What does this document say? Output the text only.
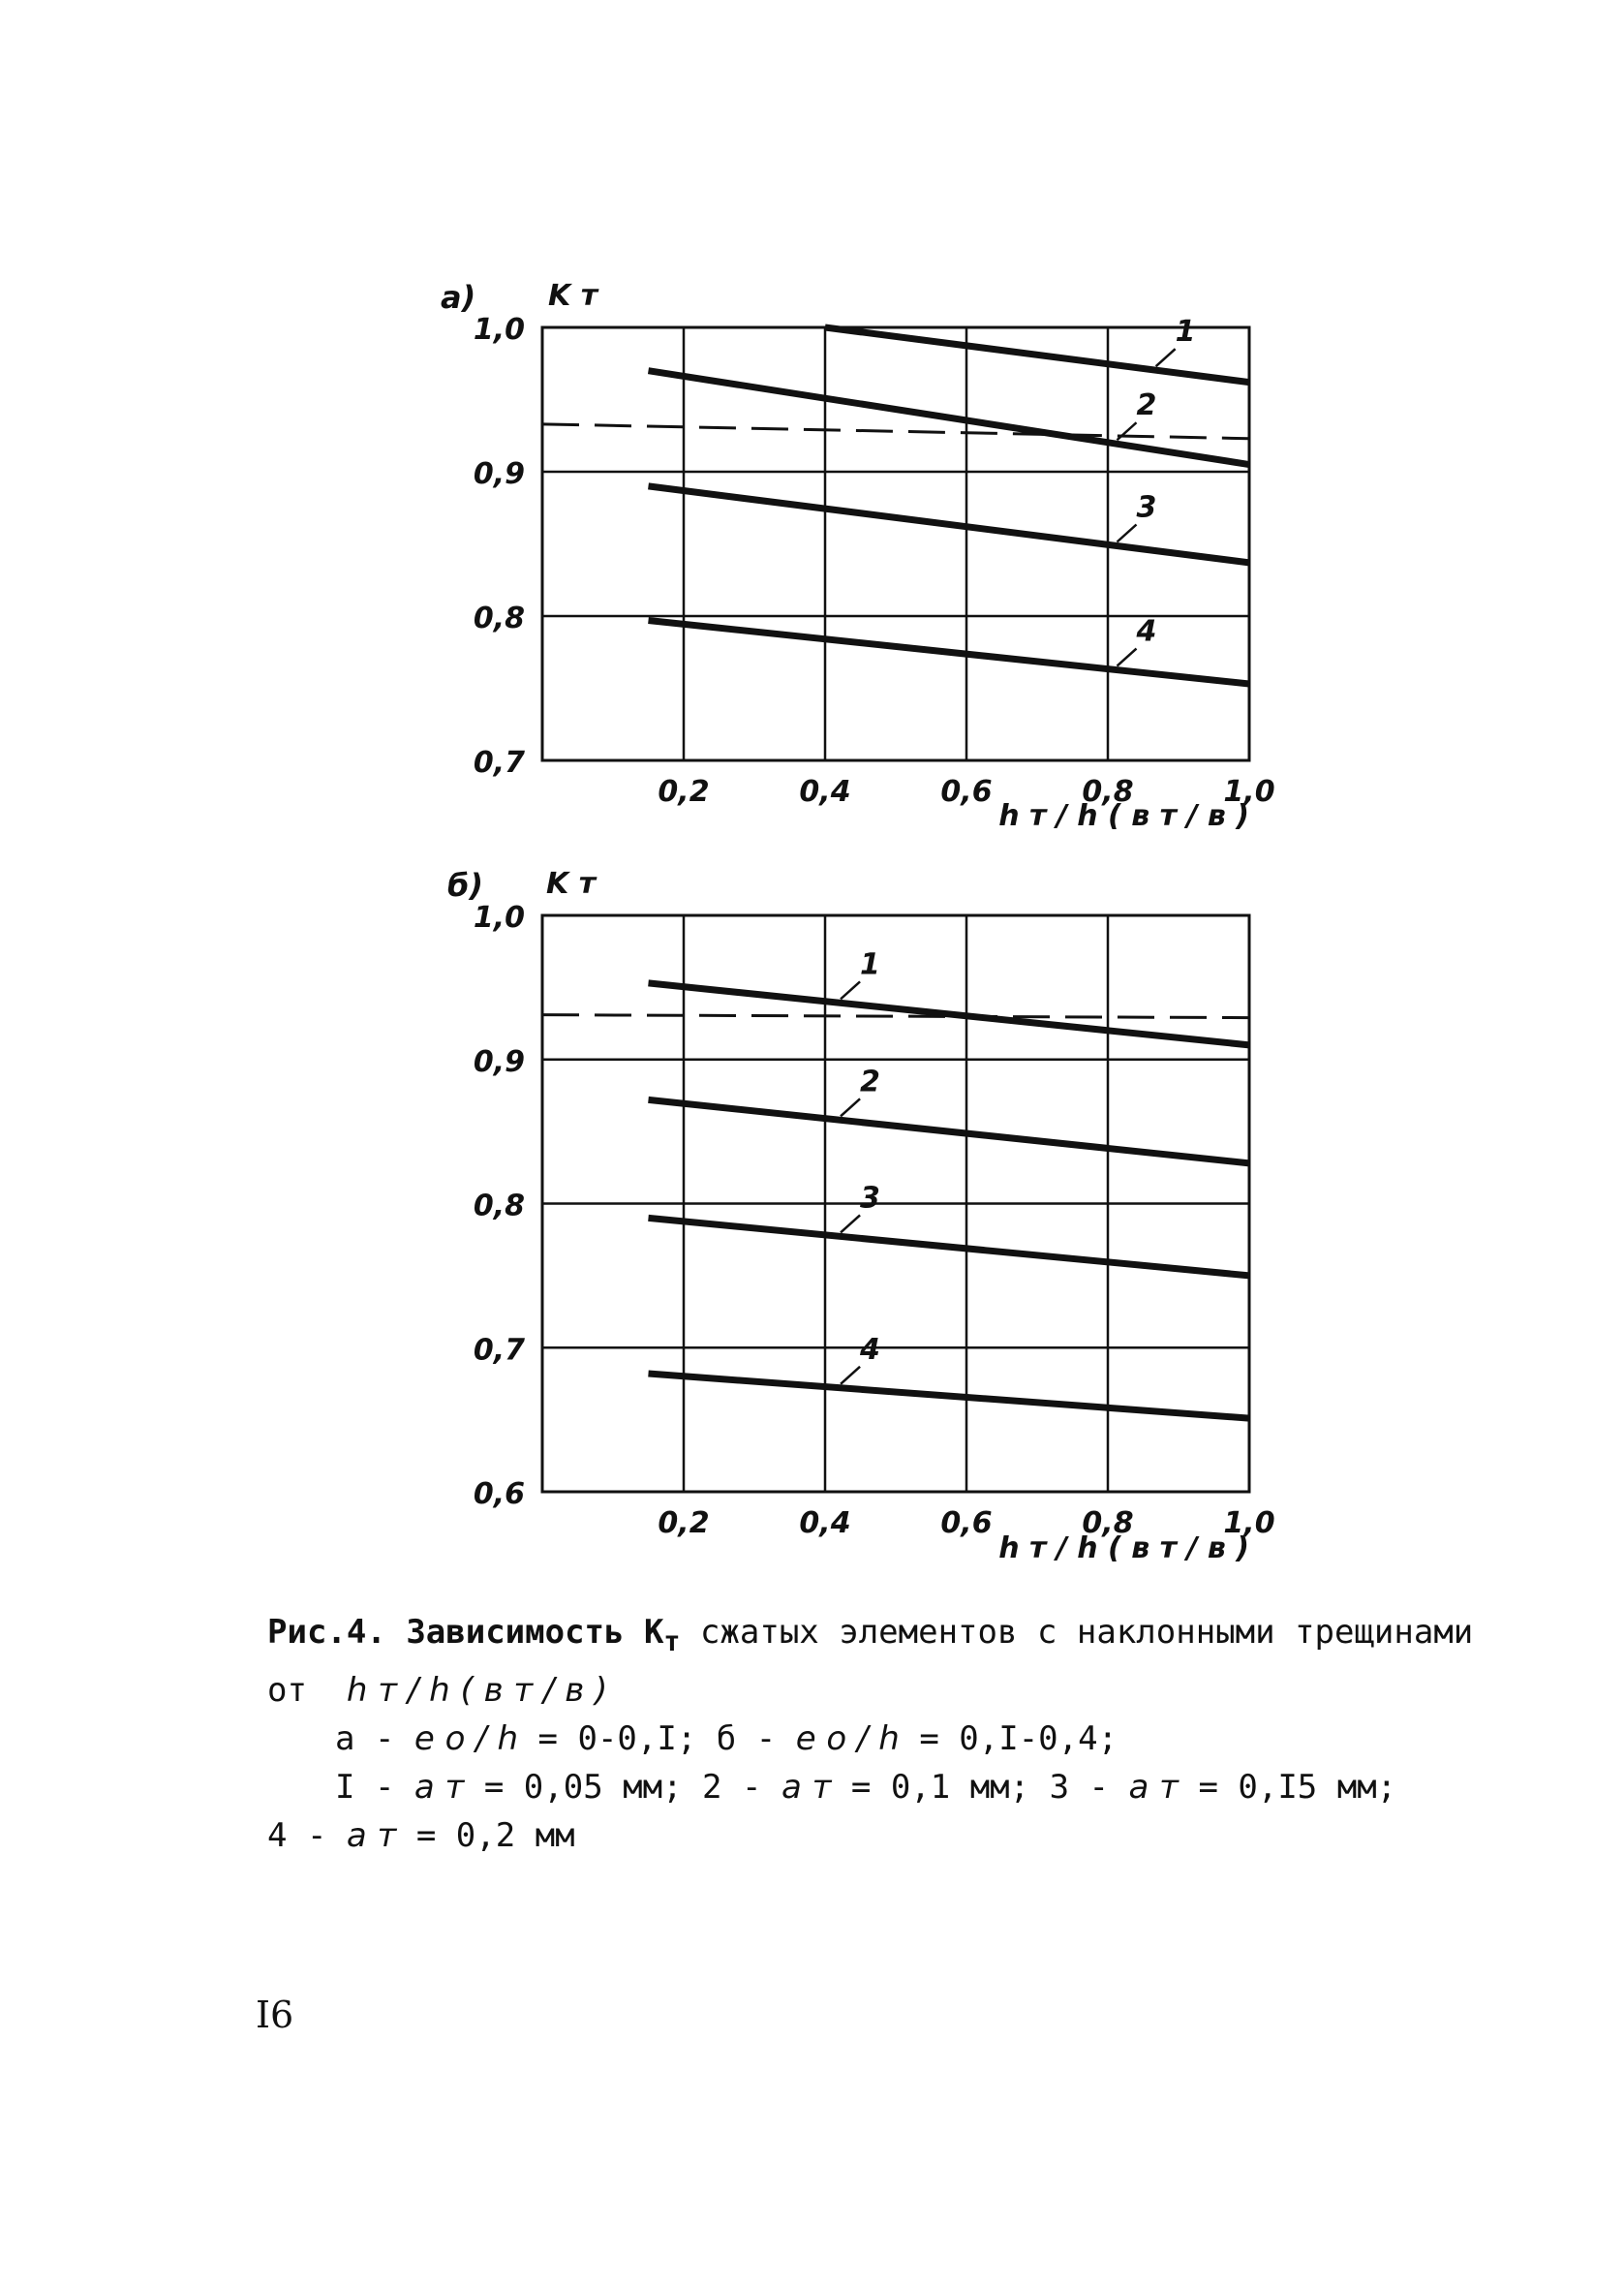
0,7
0,8
0,9
1,0
0,2	0,4	0,6	0,8	1,0
а) K т
h т / h ( в т / в )
1
2
3
4
0,6
0,7
0,8
0,9
1,0
0,2	0,4	0,6	0,8	1,0
б) K т
h т / h ( в т / в )
1
2
3
4
Рис.4. Зависимость $К_т$ сжатых элементов с наклонными трещинами
от h т / h ( в т / в )
а - e o / h = 0-0,I; б - e o / h = 0,I-0,4;
I - a т = 0,05 мм; 2 - a т = 0,1 мм; 3 - a т = 0,I5 мм;
4 - a т = 0,2 мм
I6
